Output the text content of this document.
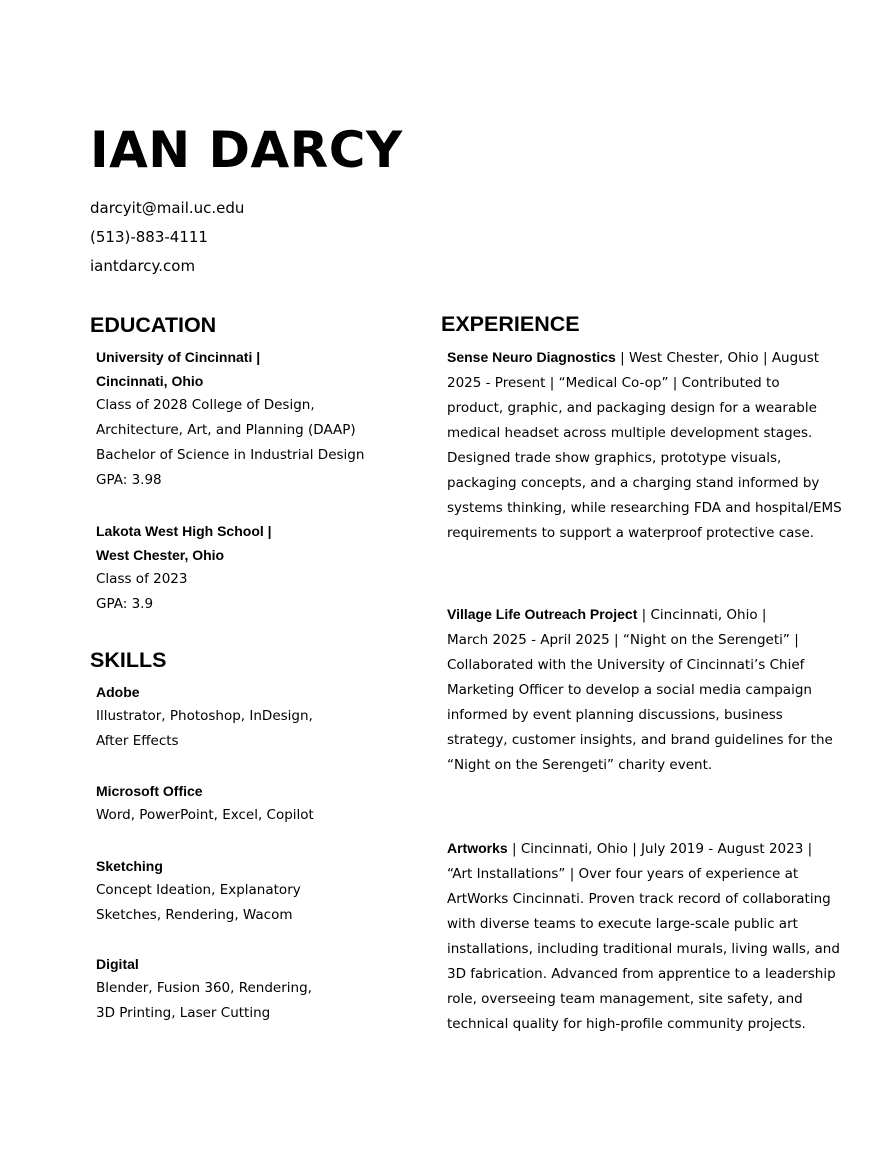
IAN DARCY
darcyit@mail.uc.edu
(513)-883-4111
iantdarcy.com
EDUCATION
University of Cincinnati |
Cincinnati, Ohio
Class of 2028 College of Design,
Architecture, Art, and Planning (DAAP)
Bachelor of Science in Industrial Design
GPA: 3.98
Lakota West High School |
West Chester, Ohio
Class of 2023
GPA: 3.9
SKILLS
Adobe
Illustrator, Photoshop, InDesign,
After Effects
Microsoft Office
Word, PowerPoint, Excel, Copilot
Sketching
Concept Ideation, Explanatory
Sketches, Rendering, Wacom
Digital
Blender, Fusion 360, Rendering,
3D Printing, Laser Cutting
EXPERIENCE
Sense Neuro Diagnostics | West Chester, Ohio | August
2025 - Present | “Medical Co-op” | Contributed to
product, graphic, and packaging design for a wearable
medical headset across multiple development stages.
Designed trade show graphics, prototype visuals,
packaging concepts, and a charging stand informed by
systems thinking, while researching FDA and hospital/EMS
requirements to support a waterproof protective case.
Village Life Outreach Project | Cincinnati, Ohio |
March 2025 - April 2025 | “Night on the Serengeti” |
Collaborated with the University of Cincinnati’s Chief
Marketing Officer to develop a social media campaign
informed by event planning discussions, business
strategy, customer insights, and brand guidelines for the
“Night on the Serengeti” charity event.
Artworks | Cincinnati, Ohio | July 2019 - August 2023 |
“Art Installations” | Over four years of experience at
ArtWorks Cincinnati. Proven track record of collaborating
with diverse teams to execute large-scale public art
installations, including traditional murals, living walls, and
3D fabrication. Advanced from apprentice to a leadership
role, overseeing team management, site safety, and
technical quality for high-profile community projects.
